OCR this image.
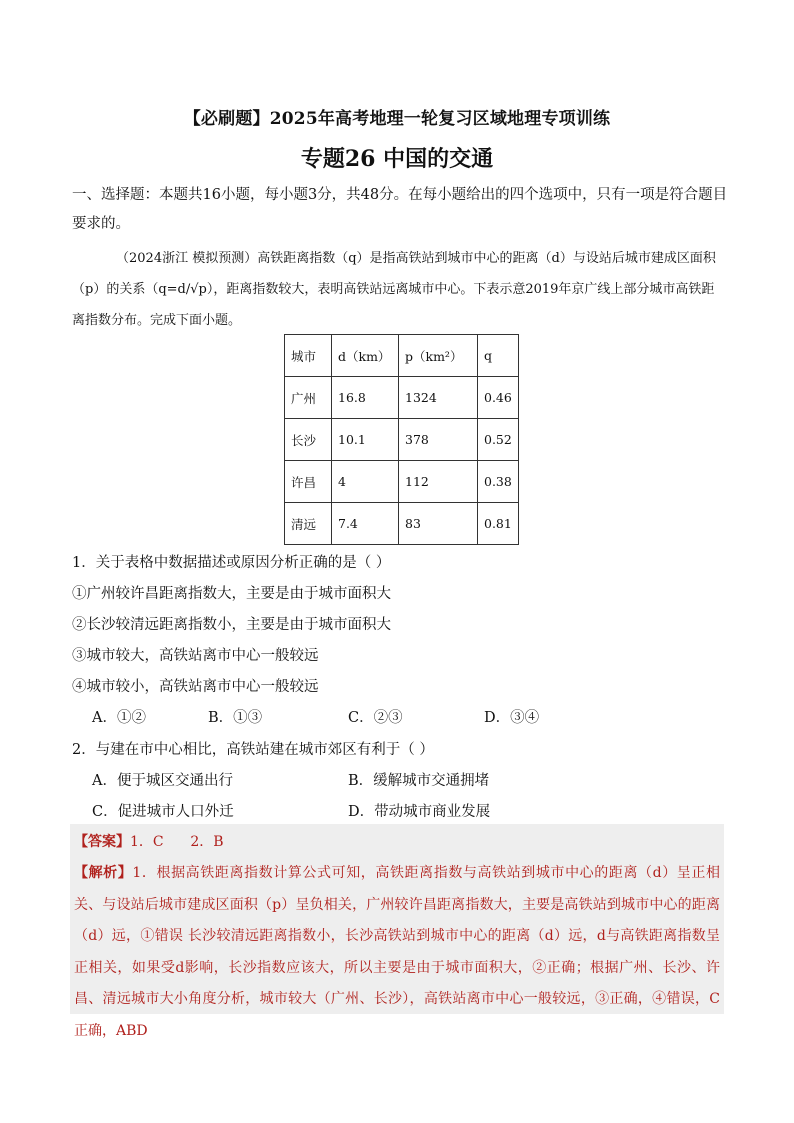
【必刷题】2025年高考地理一轮复习区域地理专项训练
专题26 中国的交通
一、选择题：本题共16小题，每小题3分，共48分。在每小题给出的四个选项中，只有一项是符合题目要求的。
（2024浙江 模拟预测）高铁距离指数（q）是指高铁站到城市中心的距离（d）与设站后城市建成区面积（p）的关系（q=d/√p），距离指数较大，表明高铁站远离城市中心。下表示意2019年京广线上部分城市高铁距离指数分布。完成下面小题。
城市	d（km）	p（km²）	q
广州	16.8	1324	0.46
长沙	10.1	378	0.52
许昌	4	112	0.38
清远	7.4	83	0.81
1．关于表格中数据描述或原因分析正确的是（ ）
①广州较许昌距离指数大，主要是由于城市面积大
②长沙较清远距离指数小，主要是由于城市面积大
③城市较大，高铁站离市中心一般较远
④城市较小，高铁站离市中心一般较远
A．①②	B．①③	C．②③	D．③④
2．与建在市中心相比，高铁站建在城市郊区有利于（ ）
A．便于城区交通出行	B．缓解城市交通拥堵
C．促进城市人口外迁	D．带动城市商业发展
【答案】1．C      2．B
【解析】1．根据高铁距离指数计算公式可知，高铁距离指数与高铁站到城市中心的距离（d）呈正相关、与设站后城市建成区面积（p）呈负相关，广州较许昌距离指数大，主要是高铁站到城市中心的距离（d）远，①错误 长沙较清远距离指数小，长沙高铁站到城市中心的距离（d）远，d与高铁距离指数呈正相关，如果受d影响，长沙指数应该大，所以主要是由于城市面积大，②正确；根据广州、长沙、许昌、清远城市大小角度分析，城市较大（广州、长沙），高铁站离市中心一般较远，③正确，④错误，C正确，ABD
